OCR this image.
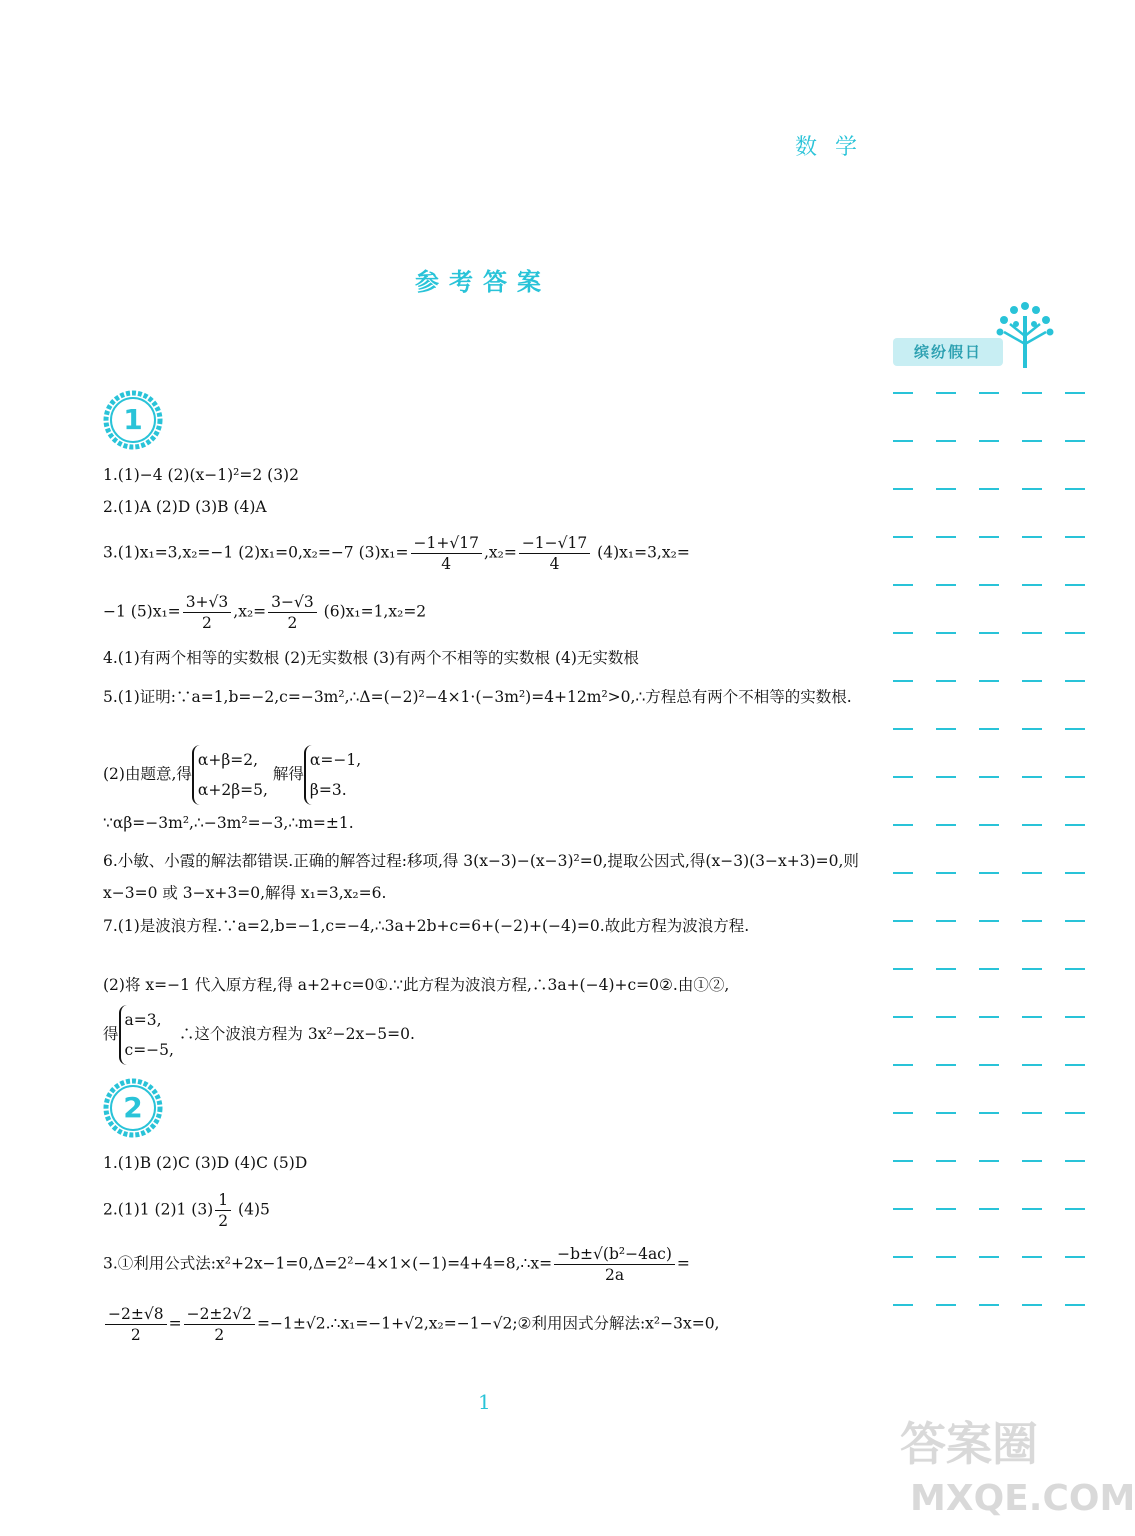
数学
参考答案
缤纷假日
1
1.(1)−4 (2)(x−1)²=2 (3)2
2.(1)A (2)D (3)B (4)A
3.(1)x₁=3,x₂=−1 (2)x₁=0,x₂=−7 $(3)x_1= \frac{-1+√17}{4} ,x_2= \frac{-1-√17}{4} (4)x_1=3,x_2=$
−1 $(5)x_1= \frac{3+√3}{2} ,x_2= \frac{3-√3}{2} (6)x_1=1,x_2=2$
4.(1)有两个相等的实数根 (2)无实数根 (3)有两个不相等的实数根 (4)无实数根
5.(1)证明:∵a=1,b=−2,c=−3m²,∴Δ=(−2)²−4×1·(−3m²)=4+12m²>0,∴方程总有两个不相等的实数根.
(2)由题意,得
α+β=2,
α+2β=5,
解得
α=−1,
β=3.
∵αβ=−3m²,∴−3m²=−3,∴m=±1.
6.小敏、小霞的解法都错误.正确的解答过程:移项,得 3(x−3)−(x−3)²=0,提取公因式,得(x−3)(3−x+3)=0,则 x−3=0 或 3−x+3=0,解得 x₁=3,x₂=6.
7.(1)是波浪方程.∵a=2,b=−1,c=−4,∴3a+2b+c=6+(−2)+(−4)=0.故此方程为波浪方程.
(2)将 x=−1 代入原方程,得 a+2+c=0①.∵此方程为波浪方程,∴3a+(−4)+c=0②.由①②,
得
a=3,
c=−5,
∴这个波浪方程为 3x²−2x−5=0.
2
1.(1)B (2)C (3)D (4)C (5)D
2.(1)1 (2)1 $(3) \frac{1}{2} (4)5$
3.①利用公式法:x²+2x−1=0,Δ=2²−4×1×(−1)=4+4=8,∴x= $\frac{\text{−b±√(b²−4ac)}}{2a}$ =
$\frac{-2\pm√8}{2} = \frac{-2\pm 2√2}{2}$ =−1±√2.∴x₁=−1+√2,x₂=−1−√2;②利用因式分解法:x²−3x=0,
1
答案圈
MXQE.COM
